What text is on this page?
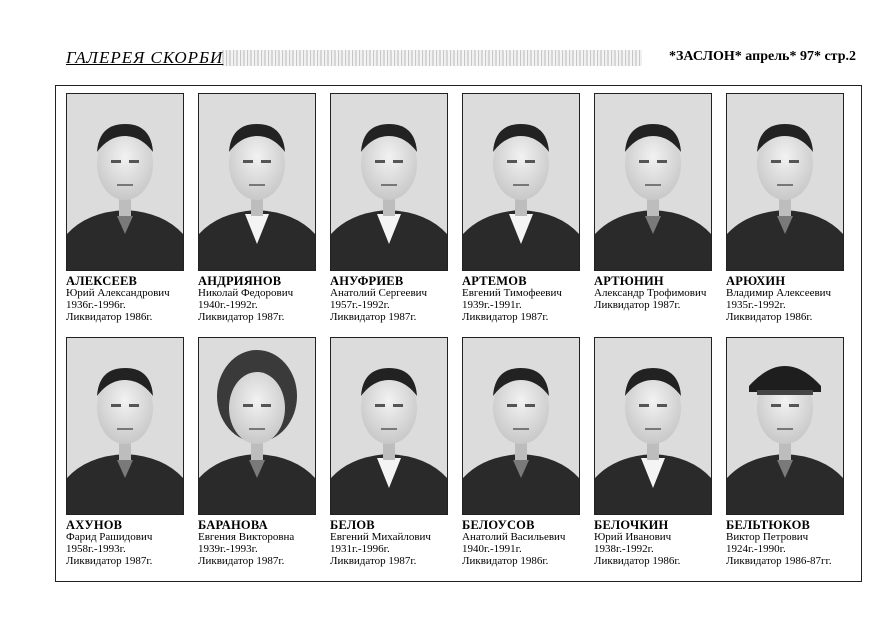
ГАЛЕРЕЯ СКОРБИ	*ЗАСЛОН* апрель* 97* стр.2
АЛЕКСЕЕВ
Юрий Александрович
1936г.-1996г.
Ликвидатор 1986г.
АНДРИЯНОВ
Николай Федорович
1940г.-1992г.
Ликвидатор 1987г.
АНУФРИЕВ
Анатолий Сергеевич
1957г.-1992г.
Ликвидатор 1987г.
АРТЕМОВ
Евгений Тимофеевич
1939г.-1991г.
Ликвидатор 1987г.
АРТЮНИН
Александр Трофимович
Ликвидатор 1987г.
АРЮХИН
Владимир Алексеевич
1935г.-1992г.
Ликвидатор 1986г.
АХУНОВ
Фарид Рашидович
1958г.-1993г.
Ликвидатор 1987г.
БАРАНОВА
Евгения Викторовна
1939г.-1993г.
Ликвидатор 1987г.
БЕЛОВ
Евгений Михайлович
1931г.-1996г.
Ликвидатор 1987г.
БЕЛОУСОВ
Анатолий Васильевич
1940г.-1991г.
Ликвидатор 1986г.
БЕЛОЧКИН
Юрий Иванович
1938г.-1992г.
Ликвидатор 1986г.
БЕЛЬТЮКОВ
Виктор Петрович
1924г.-1990г.
Ликвидатор 1986-87гг.
